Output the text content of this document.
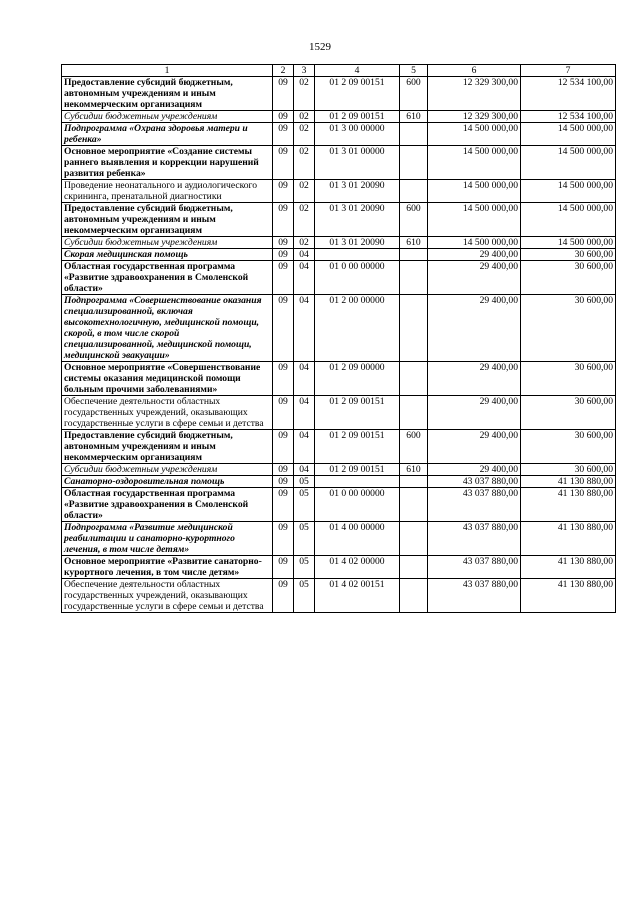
1529
1	2	3	4	5	6	7
Предоставление субсидий бюджетным, автономным учреждениям и иным некоммерческим организациям	09	02	01 2 09 00151	600	12 329 300,00	12 534 100,00
Субсидии бюджетным учреждениям	09	02	01 2 09 00151	610	12 329 300,00	12 534 100,00
Подпрограмма «Охрана здоровья матери и ребенка»	09	02	01 3 00 00000		14 500 000,00	14 500 000,00
Основное мероприятие «Создание системы раннего выявления и коррекции нарушений развития ребенка»	09	02	01 3 01 00000		14 500 000,00	14 500 000,00
Проведение неонатального и аудиологического скрининга, пренатальной диагностики	09	02	01 3 01 20090		14 500 000,00	14 500 000,00
Предоставление субсидий бюджетным, автономным учреждениям и иным некоммерческим организациям	09	02	01 3 01 20090	600	14 500 000,00	14 500 000,00
Субсидии бюджетным учреждениям	09	02	01 3 01 20090	610	14 500 000,00	14 500 000,00
Скорая медицинская помощь	09	04			29 400,00	30 600,00
Областная государственная программа «Развитие здравоохранения в Смоленской области»	09	04	01 0 00 00000		29 400,00	30 600,00
Подпрограмма «Совершенствование оказания специализированной, включая высокотехнологичную, медицинской помощи, скорой, в том числе скорой специализированной, медицинской помощи, медицинской эвакуации»	09	04	01 2 00 00000		29 400,00	30 600,00
Основное мероприятие «Совершенствование системы оказания медицинской помощи больным прочими заболеваниями»	09	04	01 2 09 00000		29 400,00	30 600,00
Обеспечение деятельности областных государственных учреждений, оказывающих государственные услуги в сфере семьи и детства	09	04	01 2 09 00151		29 400,00	30 600,00
Предоставление субсидий бюджетным, автономным учреждениям и иным некоммерческим организациям	09	04	01 2 09 00151	600	29 400,00	30 600,00
Субсидии бюджетным учреждениям	09	04	01 2 09 00151	610	29 400,00	30 600,00
Санаторно-оздоровительная помощь	09	05			43 037 880,00	41 130 880,00
Областная государственная программа «Развитие здравоохранения в Смоленской области»	09	05	01 0 00 00000		43 037 880,00	41 130 880,00
Подпрограмма «Развитие медицинской реабилитации и санаторно-курортного лечения, в том числе детям»	09	05	01 4 00 00000		43 037 880,00	41 130 880,00
Основное мероприятие «Развитие санаторно-курортного лечения, в том числе детям»	09	05	01 4 02 00000		43 037 880,00	41 130 880,00
Обеспечение деятельности областных государственных учреждений, оказывающих государственные услуги в сфере семьи и детства	09	05	01 4 02 00151		43 037 880,00	41 130 880,00
